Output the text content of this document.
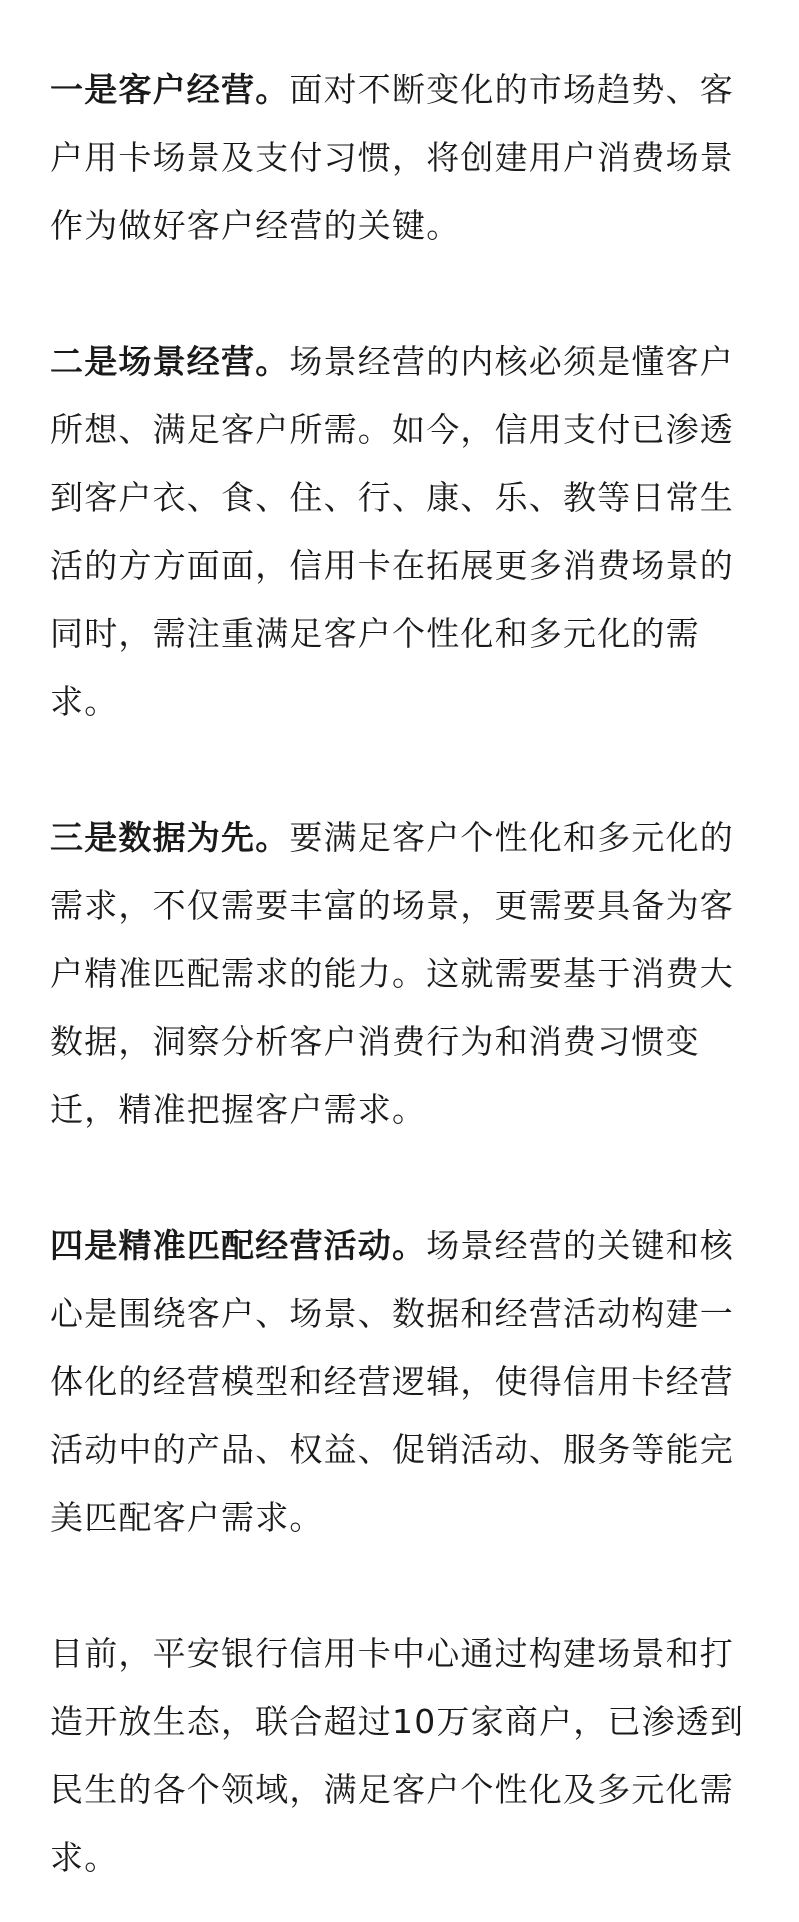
一是客户经营。面对不断变化的市场趋势、客户用卡场景及支付习惯，将创建用户消费场景作为做好客户经营的关键。

二是场景经营。场景经营的内核必须是懂客户所想、满足客户所需。如今，信用支付已渗透到客户衣、食、住、行、康、乐、教等日常生活的方方面面，信用卡在拓展更多消费场景的同时，需注重满足客户个性化和多元化的需求。

三是数据为先。要满足客户个性化和多元化的需求，不仅需要丰富的场景，更需要具备为客户精准匹配需求的能力。这就需要基于消费大数据，洞察分析客户消费行为和消费习惯变迁，精准把握客户需求。

四是精准匹配经营活动。场景经营的关键和核心是围绕客户、场景、数据和经营活动构建一体化的经营模型和经营逻辑，使得信用卡经营活动中的产品、权益、促销活动、服务等能完美匹配客户需求。

目前，平安银行信用卡中心通过构建场景和打造开放生态，联合超过10万家商户，已渗透到民生的各个领域，满足客户个性化及多元化需求。
